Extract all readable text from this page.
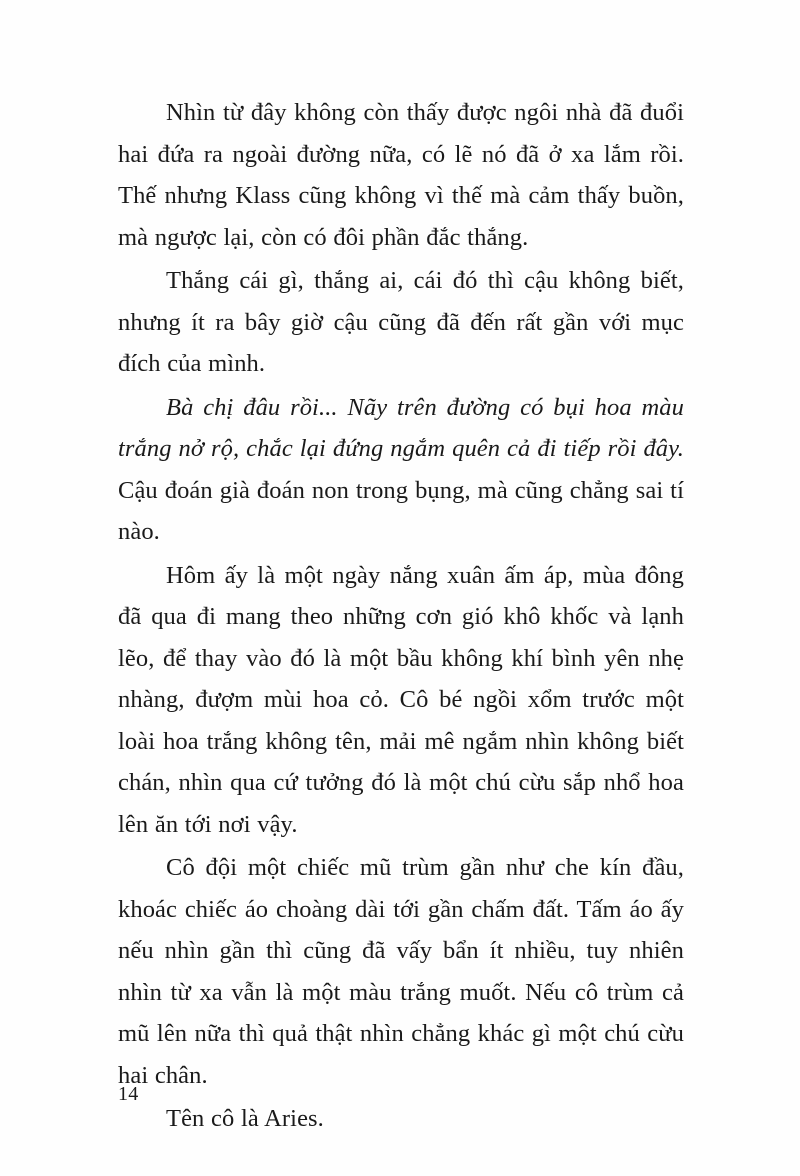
Nhìn từ đây không còn thấy được ngôi nhà đã đuổi hai đứa ra ngoài đường nữa, có lẽ nó đã ở xa lắm rồi. Thế nhưng Klass cũng không vì thế mà cảm thấy buồn, mà ngược lại, còn có đôi phần đắc thắng.

Thắng cái gì, thắng ai, cái đó thì cậu không biết, nhưng ít ra bây giờ cậu cũng đã đến rất gần với mục đích của mình.

Bà chị đâu rồi... Nãy trên đường có bụi hoa màu trắng nở rộ, chắc lại đứng ngắm quên cả đi tiếp rồi đây. Cậu đoán già đoán non trong bụng, mà cũng chẳng sai tí nào.

Hôm ấy là một ngày nắng xuân ấm áp, mùa đông đã qua đi mang theo những cơn gió khô khốc và lạnh lẽo, để thay vào đó là một bầu không khí bình yên nhẹ nhàng, đượm mùi hoa cỏ. Cô bé ngồi xổm trước một loài hoa trắng không tên, mải mê ngắm nhìn không biết chán, nhìn qua cứ tưởng đó là một chú cừu sắp nhổ hoa lên ăn tới nơi vậy.

Cô đội một chiếc mũ trùm gần như che kín đầu, khoác chiếc áo choàng dài tới gần chấm đất. Tấm áo ấy nếu nhìn gần thì cũng đã vấy bẩn ít nhiều, tuy nhiên nhìn từ xa vẫn là một màu trắng muốt. Nếu cô trùm cả mũ lên nữa thì quả thật nhìn chẳng khác gì một chú cừu hai chân.

Tên cô là Aries.

14
